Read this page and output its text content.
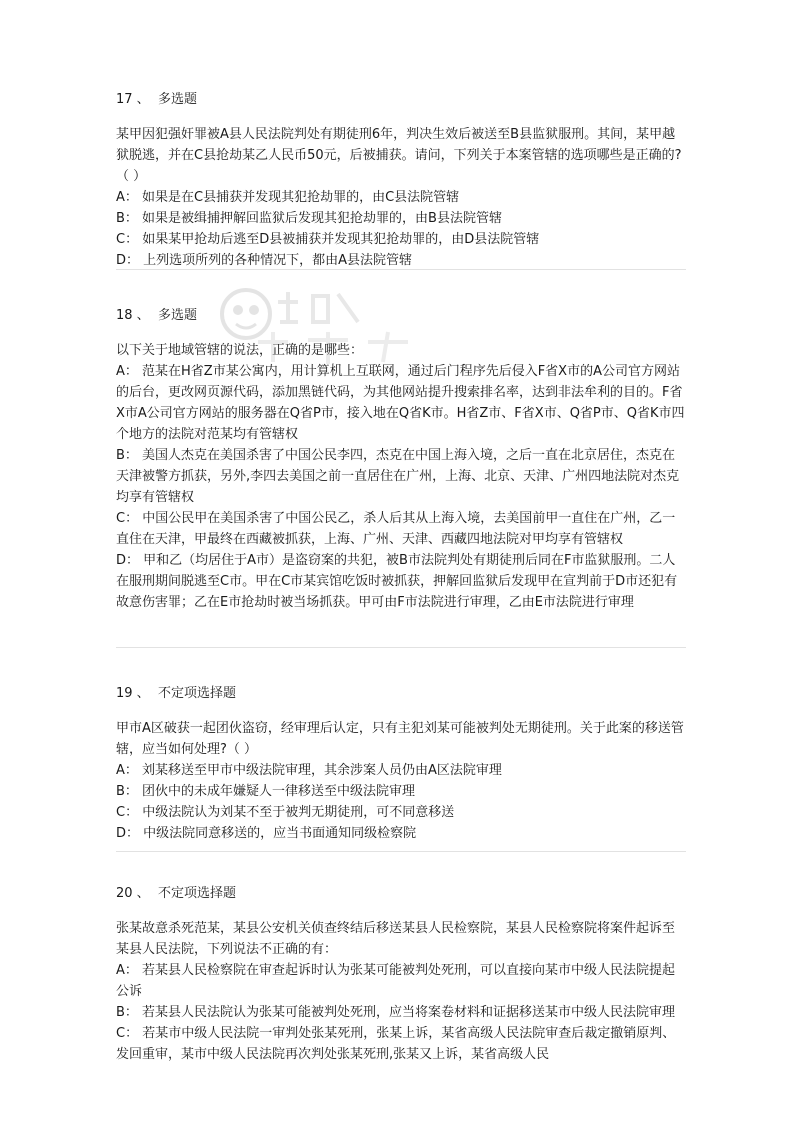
17 、  多选题
某甲因犯强奸罪被A县人民法院判处有期徒刑6年，判决生效后被送至B县监狱服刑。其间，某甲越狱脱逃，并在C县抢劫某乙人民币50元，后被捕获。请问，下列关于本案管辖的选项哪些是正确的?（ ）
A： 如果是在C县捕获并发现其犯抢劫罪的，由C县法院管辖
B： 如果是被缉捕押解回监狱后发现其犯抢劫罪的，由B县法院管辖
C： 如果某甲抢劫后逃至D县被捕获并发现其犯抢劫罪的，由D县法院管辖
D： 上列选项所列的各种情况下，都由A县法院管辖
18 、  多选题
以下关于地域管辖的说法，正确的是哪些：
A： 范某在H省Z市某公寓内，用计算机上互联网，通过后门程序先后侵入F省X市的A公司官方网站的后台，更改网页源代码，添加黑链代码，为其他网站提升搜索排名率，达到非法牟利的目的。F省X市A公司官方网站的服务器在Q省P市，接入地在Q省K市。H省Z市、F省X市、Q省P市、Q省K市四个地方的法院对范某均有管辖权
B： 美国人杰克在美国杀害了中国公民李四，杰克在中国上海入境，之后一直在北京居住，杰克在天津被警方抓获，另外,李四去美国之前一直居住在广州，上海、北京、天津、广州四地法院对杰克均享有管辖权
C： 中国公民甲在美国杀害了中国公民乙，杀人后其从上海入境，去美国前甲一直住在广州，乙一直住在天津，甲最终在西藏被抓获，上海、广州、天津、西藏四地法院对甲均享有管辖权
D： 甲和乙（均居住于A市）是盗窃案的共犯，被B市法院判处有期徒刑后同在F市监狱服刑。二人在服刑期间脱逃至C市。甲在C市某宾馆吃饭时被抓获，押解回监狱后发现甲在宣判前于D市还犯有故意伤害罪；乙在E市抢劫时被当场抓获。甲可由F市法院进行审理，乙由E市法院进行审理
19 、  不定项选择题
甲市A区破获一起团伙盗窃，经审理后认定，只有主犯刘某可能被判处无期徒刑。关于此案的移送管辖，应当如何处理?（ ）
A： 刘某移送至甲市中级法院审理，其余涉案人员仍由A区法院审理
B： 团伙中的未成年嫌疑人一律移送至中级法院审理
C： 中级法院认为刘某不至于被判无期徒刑，可不同意移送
D： 中级法院同意移送的，应当书面通知同级检察院
20 、  不定项选择题
张某故意杀死范某，某县公安机关侦查终结后移送某县人民检察院，某县人民检察院将案件起诉至某县人民法院，下列说法不正确的有：
A： 若某县人民检察院在审查起诉时认为张某可能被判处死刑，可以直接向某市中级人民法院提起公诉
B： 若某县人民法院认为张某可能被判处死刑，应当将案卷材料和证据移送某市中级人民法院审理
C： 若某市中级人民法院一审判处张某死刑，张某上诉，某省高级人民法院审查后裁定撤销原判、发回重审，某市中级人民法院再次判处张某死刑,张某又上诉，某省高级人民
